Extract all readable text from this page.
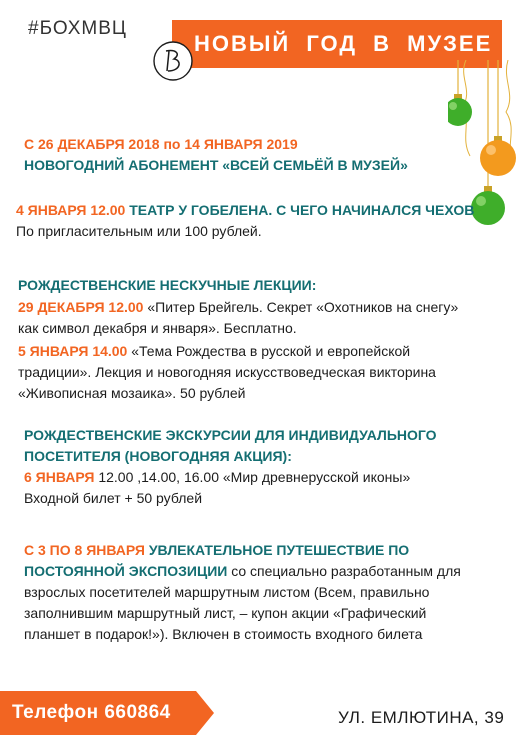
#БОХМВЦ
НОВЫЙ ГОД В МУЗЕЕ
С 26 ДЕКАБРЯ 2018 по 14 ЯНВАРЯ 2019
НОВОГОДНИЙ АБОНЕМЕНТ «ВСЕЙ СЕМЬЁЙ В МУЗЕЙ»
4 ЯНВАРЯ 12.00 ТЕАТР У ГОБЕЛЕНА. С ЧЕГО НАЧИНАЛСЯ ЧЕХОВ
По пригласительным или 100 рублей.
РОЖДЕСТВЕНСКИЕ НЕСКУЧНЫЕ ЛЕКЦИИ:
29 ДЕКАБРЯ 12.00 «Питер Брейгель. Секрет «Охотников на снегу»
как символ декабря и января». Бесплатно.
5 ЯНВАРЯ 14.00 «Тема Рождества в русской и европейской
традиции». Лекция и новогодняя искусствоведческая викторина
«Живописная мозаика». 50 рублей
РОЖДЕСТВЕНСКИЕ ЭКСКУРСИИ ДЛЯ ИНДИВИДУАЛЬНОГО
ПОСЕТИТЕЛЯ (НОВОГОДНЯЯ АКЦИЯ):
6 ЯНВАРЯ 12.00 ,14.00, 16.00 «Мир древнерусской иконы»
Входной билет + 50 рублей
С 3 ПО 8 ЯНВАРЯ УВЛЕКАТЕЛЬНОЕ ПУТЕШЕСТВИЕ ПО
ПОСТОЯННОЙ ЭКСПОЗИЦИИ со специально разработанным для
взрослых посетителей маршрутным листом (Всем, правильно
заполнившим маршрутный лист, – купон акции «Графический
планшет в подарок!»). Включен в стоимость входного билета
Телефон 660864	УЛ. ЕМЛЮТИНА, 39
